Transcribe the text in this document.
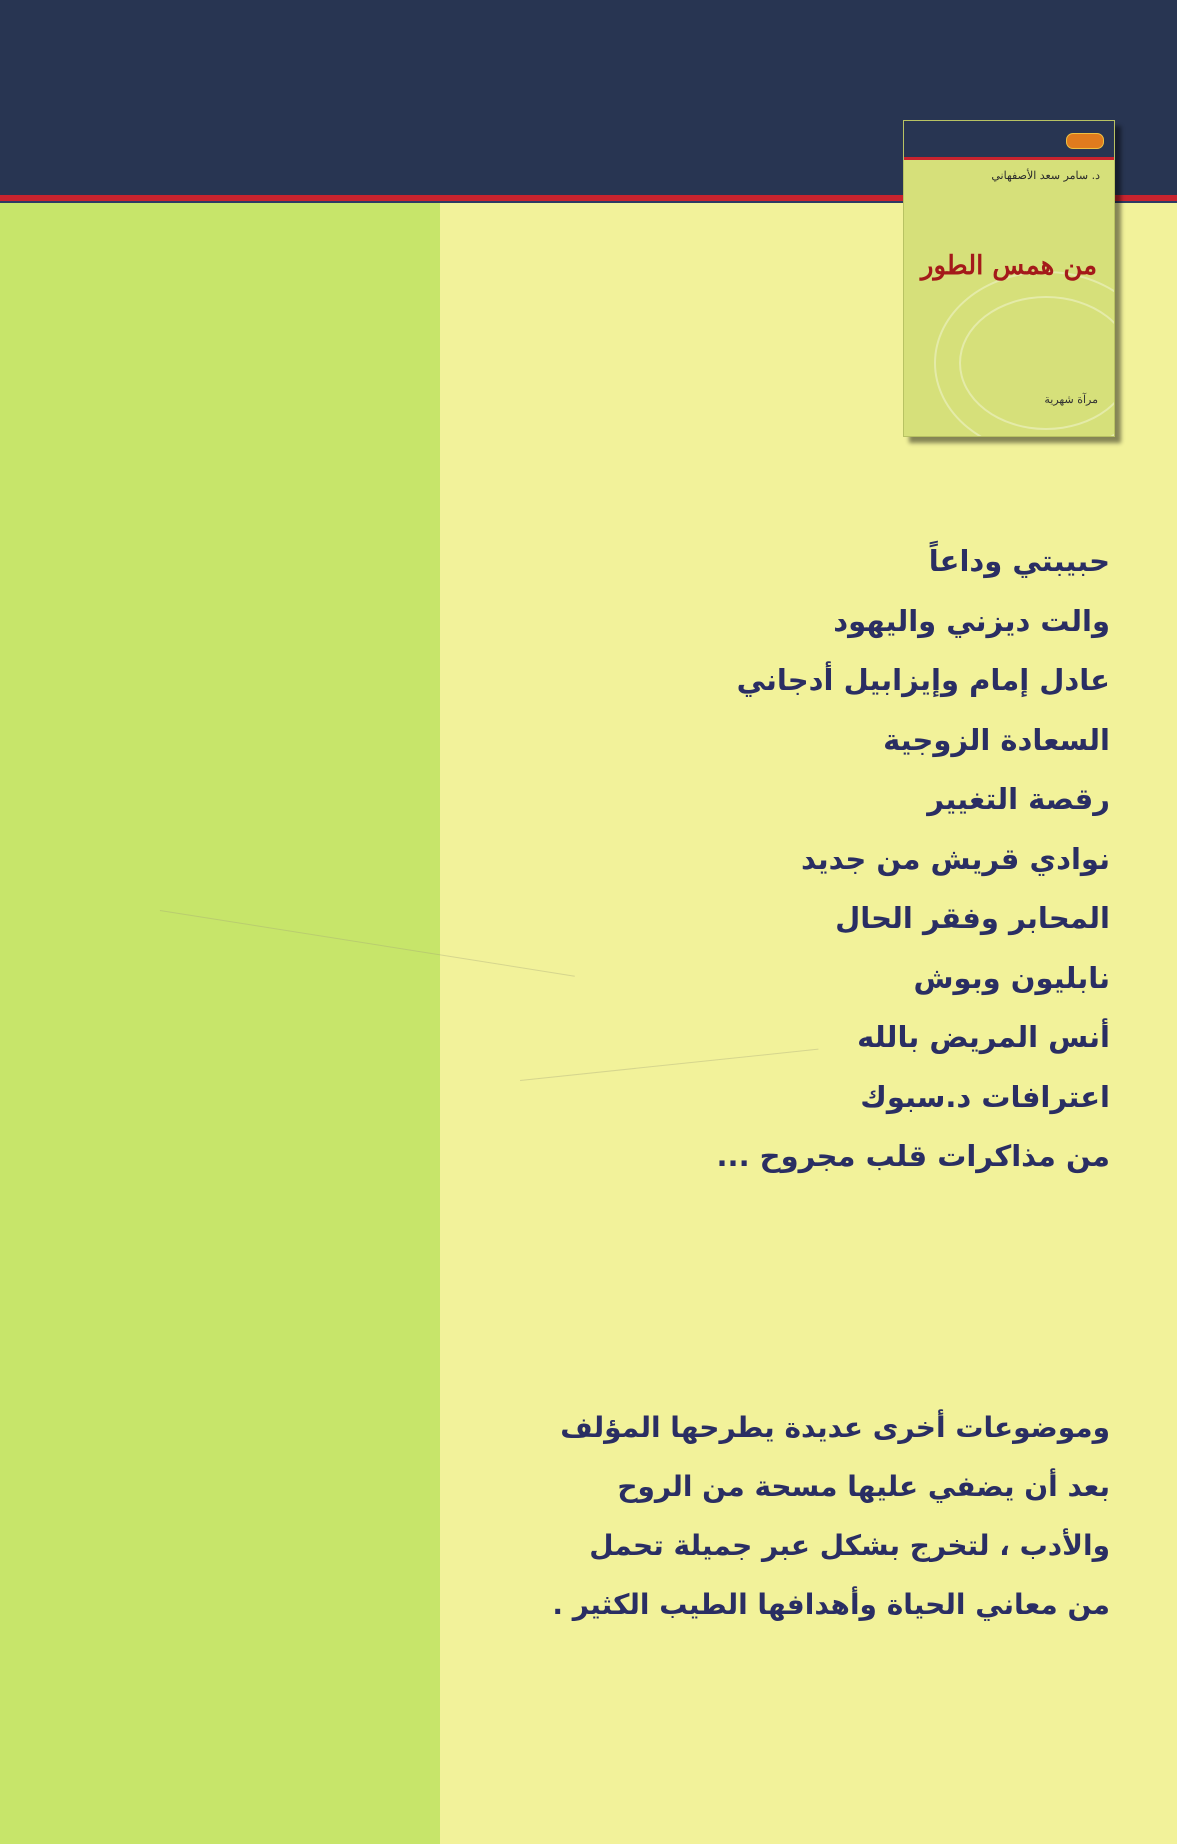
د. سامر سعد الأصفهاني
من همس الطور
مرآة شهرية
حبيبتي وداعاً
والت ديزني واليهود
عادل إمام وإيزابيل أدجاني
السعادة الزوجية
رقصة التغيير
نوادي قريش من جديد
المحابر وفقر الحال
نابليون وبوش
أنس المريض بالله
اعترافات د.سبوك
من مذاكرات قلب مجروح ...
وموضوعات أخرى عديدة يطرحها المؤلف
بعد أن يضفي عليها مسحة من الروح
والأدب ، لتخرج بشكل عبر جميلة تحمل
من معاني الحياة وأهدافها الطيب الكثير .
